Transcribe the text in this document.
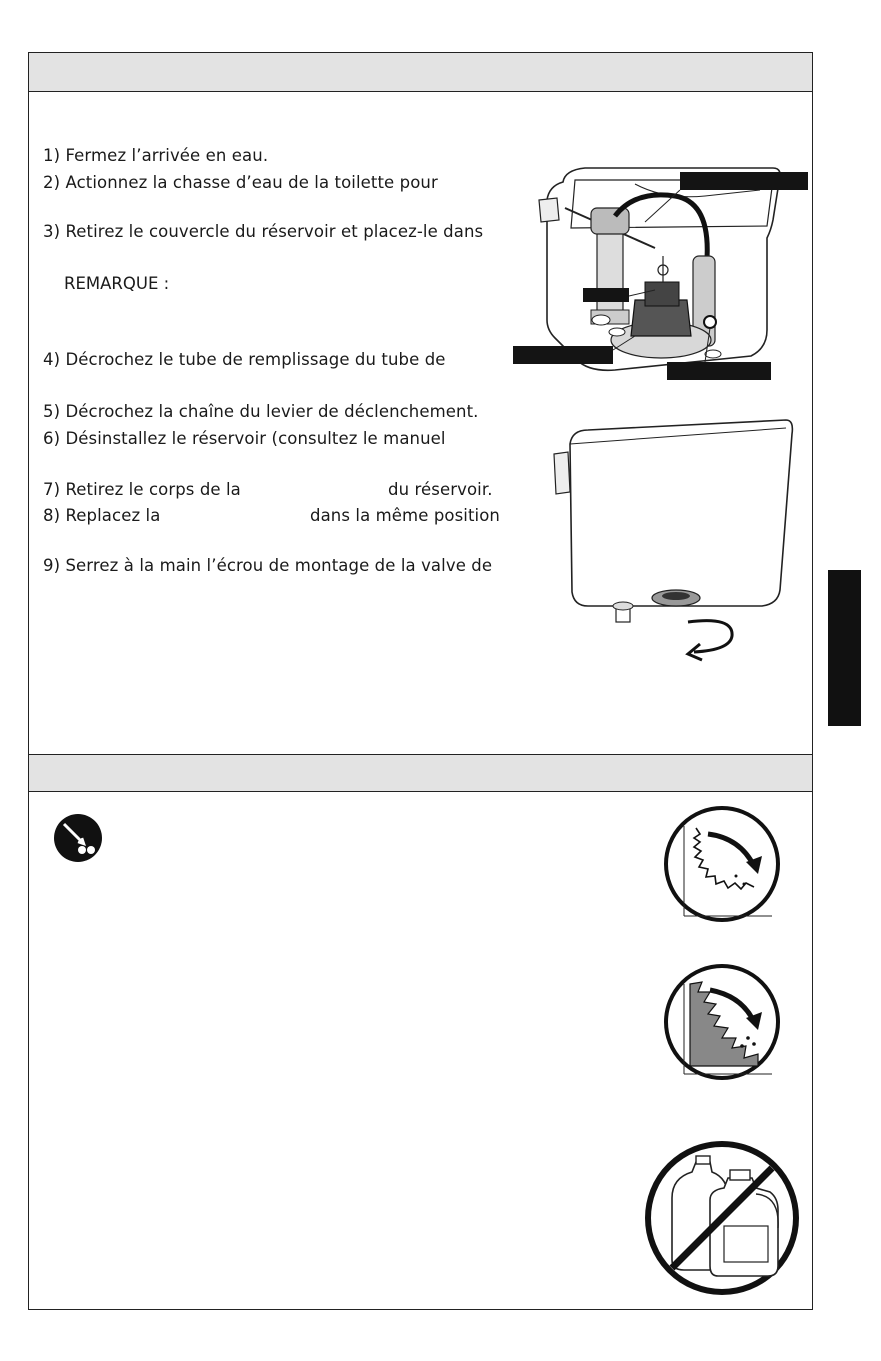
1) Fermez l’arrivée en eau.
2) Actionnez la chasse d’eau de la toilette pour
3) Retirez le couvercle du réservoir et placez-le dans
REMARQUE :
4) Décrochez le tube de remplissage du tube de
5) Décrochez la chaîne du levier de déclenchement.
6) Désinstallez le réservoir (consultez le manuel
7) Retirez le corps de la	du réservoir.
8) Replacez la	dans la même position
9) Serrez à la main l’écrou de montage de la valve de
